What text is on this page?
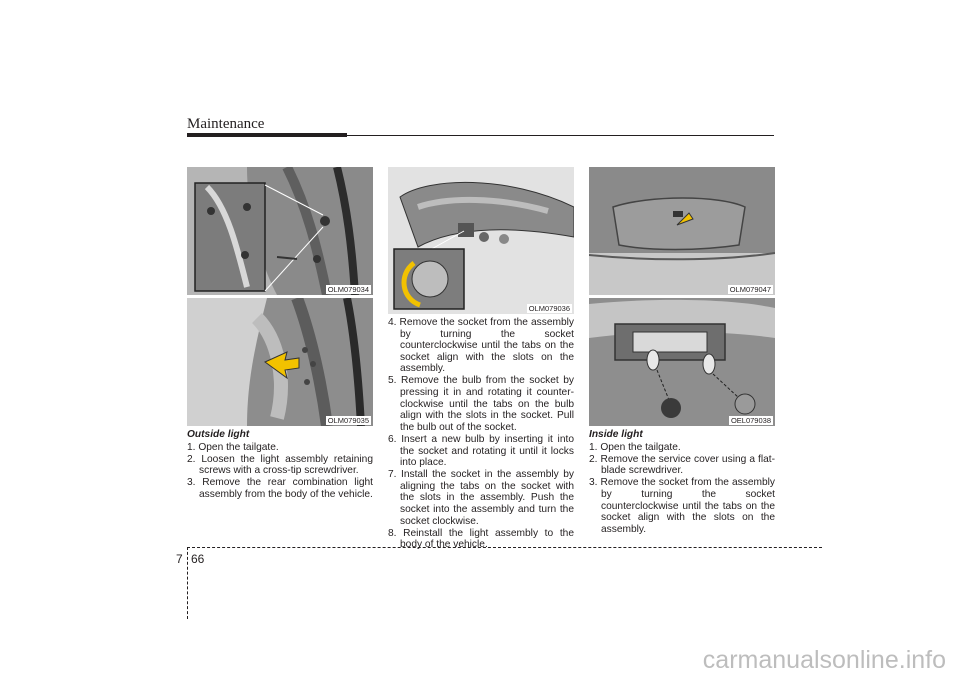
Maintenance
OLM079034
OLM079035
OLM079036
OLM079047
OEL079038
Outside light
1. Open the tailgate.
2. Loosen the light assembly retaining screws with a cross-tip screwdriver.
3. Remove the rear combination light assembly from the body of the vehicle.
4. Remove the socket from the assembly by turning the socket counterclockwise until the tabs on the socket align with the slots on the assembly.
5. Remove the bulb from the socket by pressing it in and rotating it counter-clockwise until the tabs on the bulb align with the slots in the socket. Pull the bulb out of the socket.
6. Insert a new bulb by inserting it into the socket and rotating it until it locks into place.
7. Install the socket in the assembly by aligning the tabs on the socket with the slots in the assembly. Push the socket into the assembly and turn the socket clockwise.
8. Reinstall the light assembly to the body of the vehicle.
Inside light
1. Open the tailgate.
2. Remove the service cover using a flat-blade screwdriver.
3. Remove the socket from the assembly by turning the socket counterclockwise until the tabs on the socket align with the slots on the assembly.
7 66
carmanualsonline.info
